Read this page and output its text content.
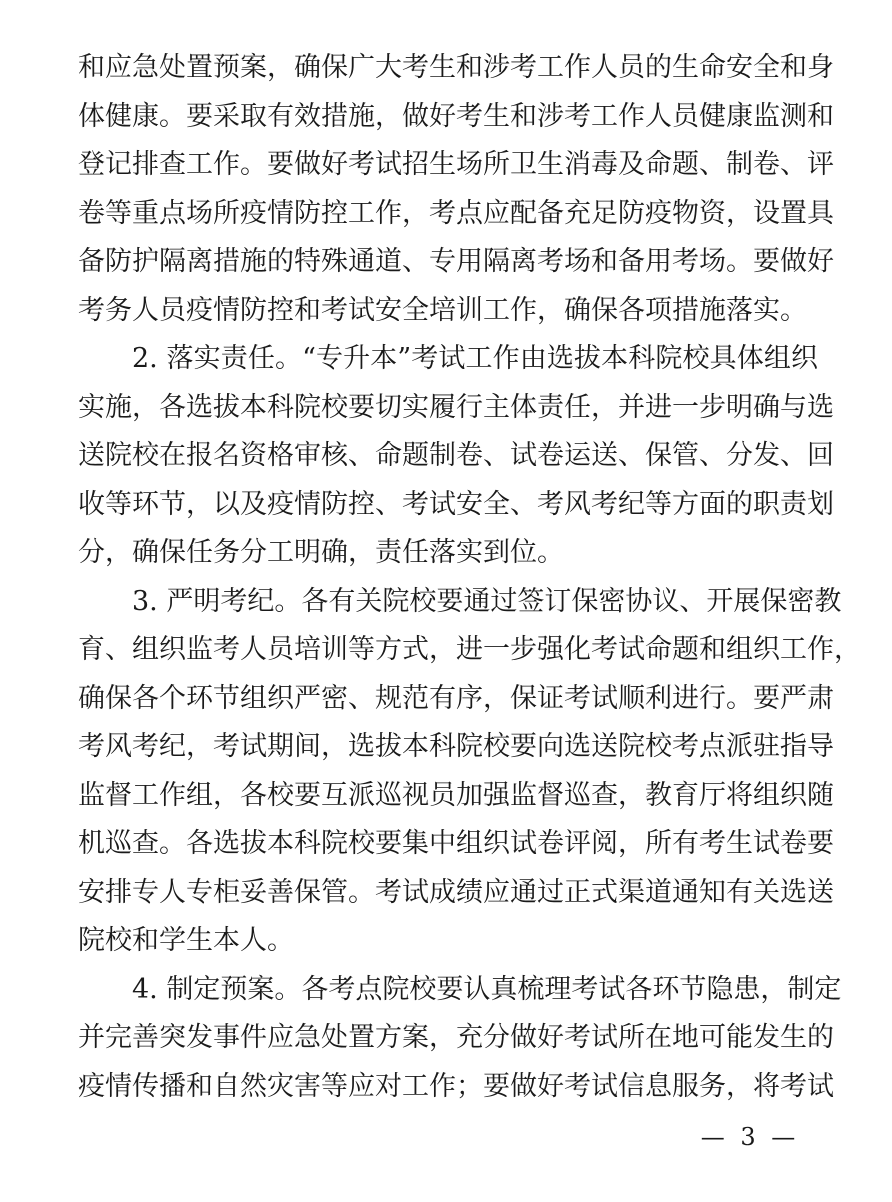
和应急处置预案，确保广大考生和涉考工作人员的生命安全和身
体健康。要采取有效措施，做好考生和涉考工作人员健康监测和
登记排查工作。要做好考试招生场所卫生消毒及命题、制卷、评
卷等重点场所疫情防控工作，考点应配备充足防疫物资，设置具
备防护隔离措施的特殊通道、专用隔离考场和备用考场。要做好
考务人员疫情防控和考试安全培训工作，确保各项措施落实。
2. 落实责任。“专升本”考试工作由选拔本科院校具体组织
实施，各选拔本科院校要切实履行主体责任，并进一步明确与选
送院校在报名资格审核、命题制卷、试卷运送、保管、分发、回
收等环节，以及疫情防控、考试安全、考风考纪等方面的职责划
分，确保任务分工明确，责任落实到位。
3. 严明考纪。各有关院校要通过签订保密协议、开展保密教
育、组织监考人员培训等方式，进一步强化考试命题和组织工作，
确保各个环节组织严密、规范有序，保证考试顺利进行。要严肃
考风考纪，考试期间，选拔本科院校要向选送院校考点派驻指导
监督工作组，各校要互派巡视员加强监督巡查，教育厅将组织随
机巡查。各选拔本科院校要集中组织试卷评阅，所有考生试卷要
安排专人专柜妥善保管。考试成绩应通过正式渠道通知有关选送
院校和学生本人。
4. 制定预案。各考点院校要认真梳理考试各环节隐患，制定
并完善突发事件应急处置方案，充分做好考试所在地可能发生的
疫情传播和自然灾害等应对工作；要做好考试信息服务，将考试
— 3 —
